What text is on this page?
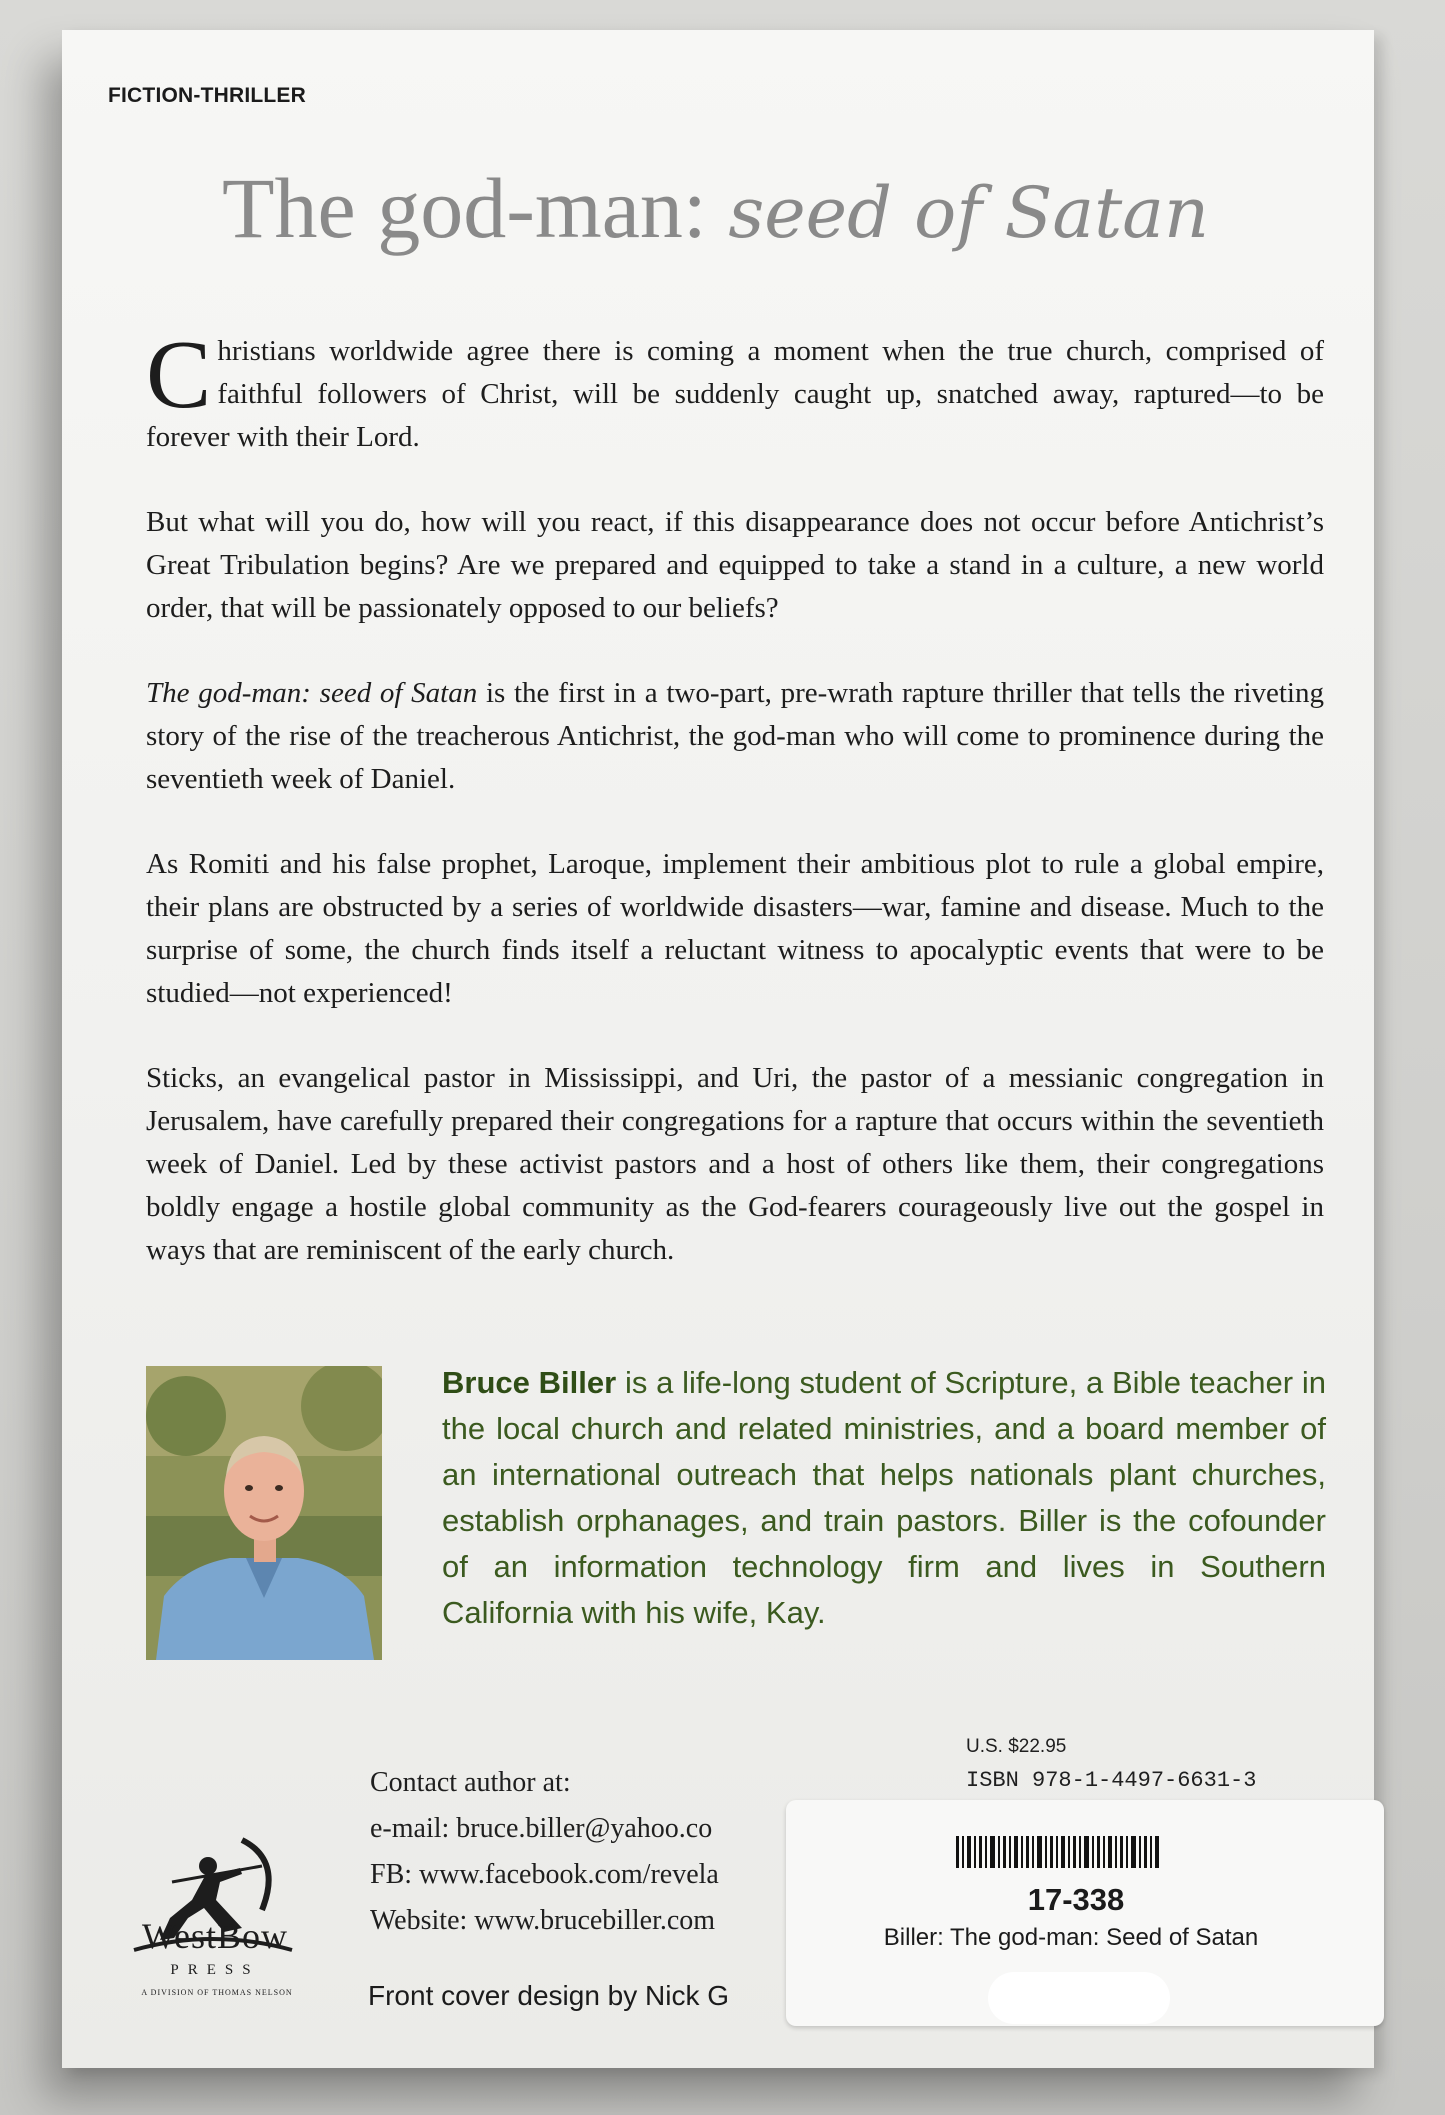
FICTION-THRILLER
The god-man: seed of Satan

Christians worldwide agree there is coming a moment when the true church, comprised of faithful followers of Christ, will be suddenly caught up, snatched away, raptured—to be forever with their Lord.

But what will you do, how will you react, if this disappearance does not occur before Antichrist’s Great Tribulation begins? Are we prepared and equipped to take a stand in a culture, a new world order, that will be passionately opposed to our beliefs?

The god-man: seed of Satan is the first in a two-part, pre-wrath rapture thriller that tells the riveting story of the rise of the treacherous Antichrist, the god-man who will come to prominence during the seventieth week of Daniel.

As Romiti and his false prophet, Laroque, implement their ambitious plot to rule a global empire, their plans are obstructed by a series of worldwide disasters—war, famine and disease. Much to the surprise of some, the church finds itself a reluctant witness to apocalyptic events that were to be studied—not experienced!

Sticks, an evangelical pastor in Mississippi, and Uri, the pastor of a messianic congregation in Jerusalem, have carefully prepared their congregations for a rapture that occurs within the seventieth week of Daniel. Led by these activist pastors and a host of others like them, their congregations boldly engage a hostile global community as the God-fearers courageously live out the gospel in ways that are reminiscent of the early church.

Bruce Biller is a life-long student of Scripture, a Bible teacher in the local church and related ministries, and a board member of an international outreach that helps nationals plant churches, establish orphanages, and train pastors. Biller is the cofounder of an information technology firm and lives in Southern California with his wife, Kay.
Contact author at:
e-mail: bruce.biller@yahoo.co
FB: www.facebook.com/revela
Website: www.brucebiller.com
Front cover design by Nick G
WestBow
PRESS
A DIVISION OF THOMAS NELSON
U.S. $22.95
ISBN 978-1-4497-6631-3
17-338
Biller: The god-man: Seed of Satan
